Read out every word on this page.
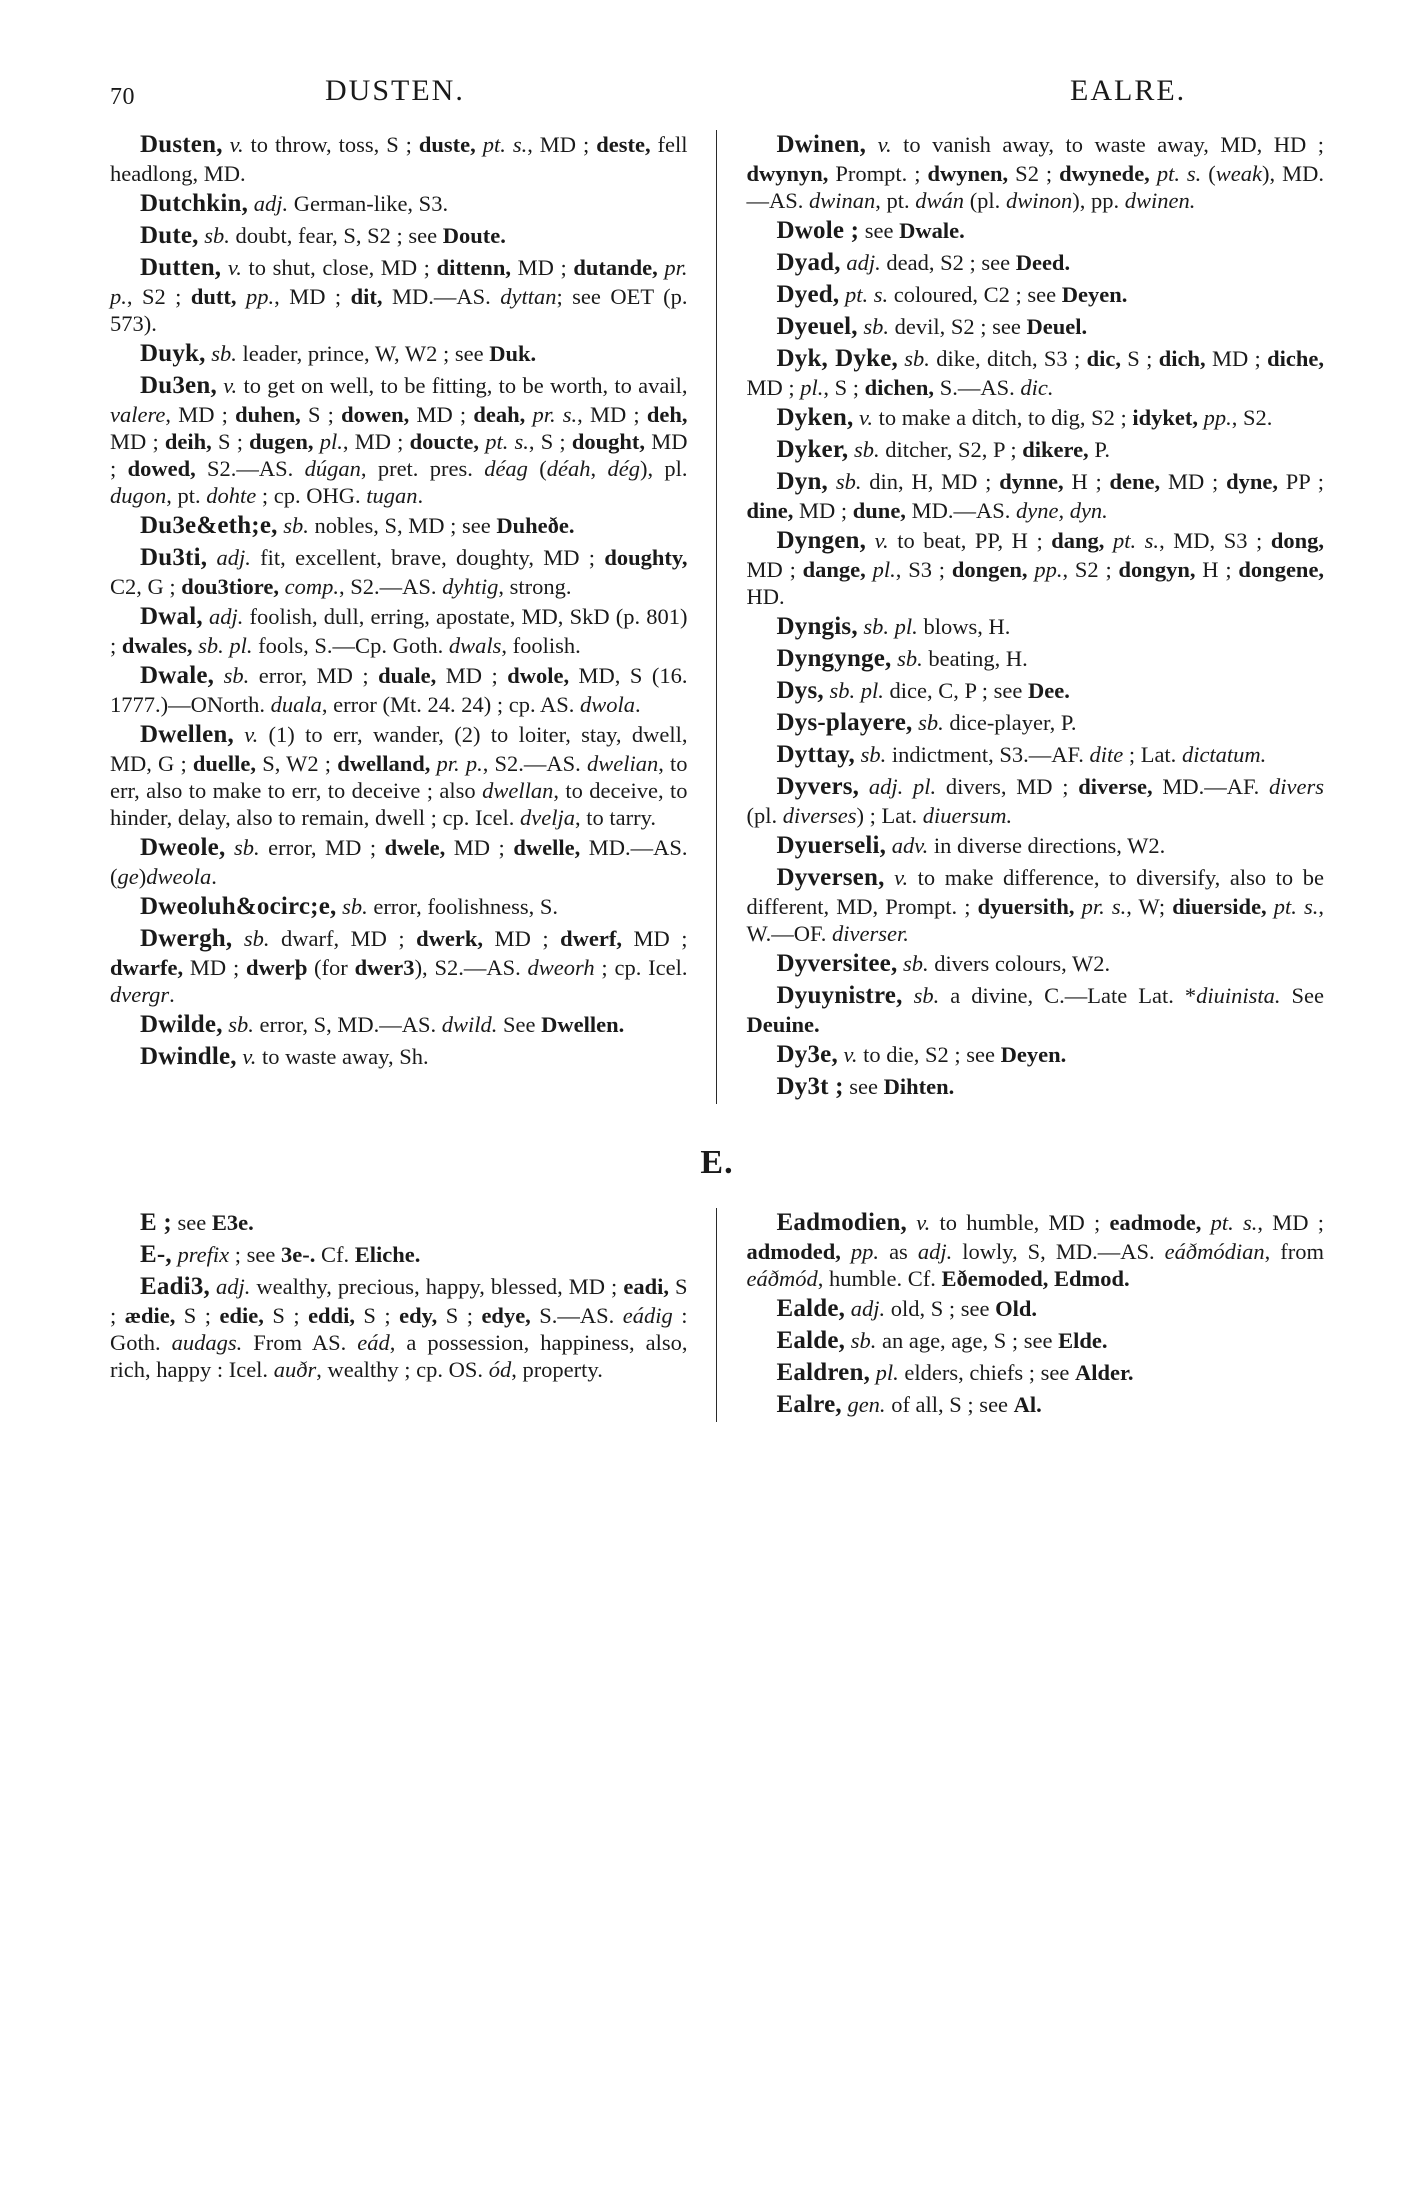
70	DUSTEN.	EALRE.

Dusten, v. to throw, toss, S ; duste, pt. s., MD ; deste, fell headlong, MD.

Dutchkin, adj. German-like, S3.

Dute, sb. doubt, fear, S, S2 ; see Doute.

Dutten, v. to shut, close, MD ; dittenn, MD ; dutande, pr. p., S2 ; dutt, pp., MD ; dit, MD.—AS. dyttan; see OET (p. 573).

Duyk, sb. leader, prince, W, W2 ; see Duk.

Du3en, v. to get on well, to be fitting, to be worth, to avail, valere, MD ; duhen, S ; dowen, MD ; deah, pr. s., MD ; deh, MD ; deih, S ; dugen, pl., MD ; doucte, pt. s., S ; dought, MD ; dowed, S2.—AS. dúgan, pret. pres. déag (déah, dég), pl. dugon, pt. dohte ; cp. OHG. tugan.

Du3e&eth;e, sb. nobles, S, MD ; see Duheðe.

Du3ti, adj. fit, excellent, brave, doughty, MD ; doughty, C2, G ; dou3tiore, comp., S2.—AS. dyhtig, strong.

Dwal, adj. foolish, dull, erring, apostate, MD, SkD (p. 801) ; dwales, sb. pl. fools, S.—Cp. Goth. dwals, foolish.

Dwale, sb. error, MD ; duale, MD ; dwole, MD, S (16. 1777.)—ONorth. duala, error (Mt. 24. 24) ; cp. AS. dwola.

Dwellen, v. (1) to err, wander, (2) to loiter, stay, dwell, MD, G ; duelle, S, W2 ; dwelland, pr. p., S2.—AS. dwelian, to err, also to make to err, to deceive ; also dwellan, to deceive, to hinder, delay, also to remain, dwell ; cp. Icel. dvelja, to tarry.

Dweole, sb. error, MD ; dwele, MD ; dwelle, MD.—AS. (ge)dweola.

Dweoluh&ocirc;e, sb. error, foolishness, S.

Dwergh, sb. dwarf, MD ; dwerk, MD ; dwerf, MD ; dwarfe, MD ; dwerþ (for dwer3), S2.—AS. dweorh ; cp. Icel. dvergr.

Dwilde, sb. error, S, MD.—AS. dwild. See Dwellen.

Dwindle, v. to waste away, Sh.

Dwinen, v. to vanish away, to waste away, MD, HD ; dwynyn, Prompt. ; dwynen, S2 ; dwynede, pt. s. (weak), MD.—AS. dwinan, pt. dwán (pl. dwinon), pp. dwinen.

Dwole ; see Dwale.

Dyad, adj. dead, S2 ; see Deed.

Dyed, pt. s. coloured, C2 ; see Deyen.

Dyeuel, sb. devil, S2 ; see Deuel.

Dyk, Dyke, sb. dike, ditch, S3 ; dic, S ; dich, MD ; diche, MD ; pl., S ; dichen, S.—AS. dic.

Dyken, v. to make a ditch, to dig, S2 ; idyket, pp., S2.

Dyker, sb. ditcher, S2, P ; dikere, P.

Dyn, sb. din, H, MD ; dynne, H ; dene, MD ; dyne, PP ; dine, MD ; dune, MD.—AS. dyne, dyn.

Dyngen, v. to beat, PP, H ; dang, pt. s., MD, S3 ; dong, MD ; dange, pl., S3 ; dongen, pp., S2 ; dongyn, H ; dongene, HD.

Dyngis, sb. pl. blows, H.

Dyngynge, sb. beating, H.

Dys, sb. pl. dice, C, P ; see Dee.

Dys-playere, sb. dice-player, P.

Dyttay, sb. indictment, S3.—AF. dite ; Lat. dictatum.

Dyvers, adj. pl. divers, MD ; diverse, MD.—AF. divers (pl. diverses) ; Lat. diuersum.

Dyuerseli, adv. in diverse directions, W2.

Dyversen, v. to make difference, to diversify, also to be different, MD, Prompt. ; dyuersith, pr. s., W; diuerside, pt. s., W.—OF. diverser.

Dyversitee, sb. divers colours, W2.

Dyuynistre, sb. a divine, C.—Late Lat. *diuinista. See Deuine.

Dy3e, v. to die, S2 ; see Deyen.

Dy3t ; see Dihten.

E.

E ; see E3e.

E-, prefix ; see 3e-. Cf. Eliche.

Eadi3, adj. wealthy, precious, happy, blessed, MD ; eadi, S ; ædie, S ; edie, S ; eddi, S ; edy, S ; edye, S.—AS. eádig : Goth. audags. From AS. eád, a possession, happiness, also, rich, happy : Icel. auðr, wealthy ; cp. OS. ód, property.

Eadmodien, v. to humble, MD ; eadmode, pt. s., MD ; admoded, pp. as adj. lowly, S, MD.—AS. eáðmódian, from eáðmód, humble. Cf. Eðemoded, Edmod.

Ealde, adj. old, S ; see Old.

Ealde, sb. an age, age, S ; see Elde.

Ealdren, pl. elders, chiefs ; see Alder.

Ealre, gen. of all, S ; see Al.
